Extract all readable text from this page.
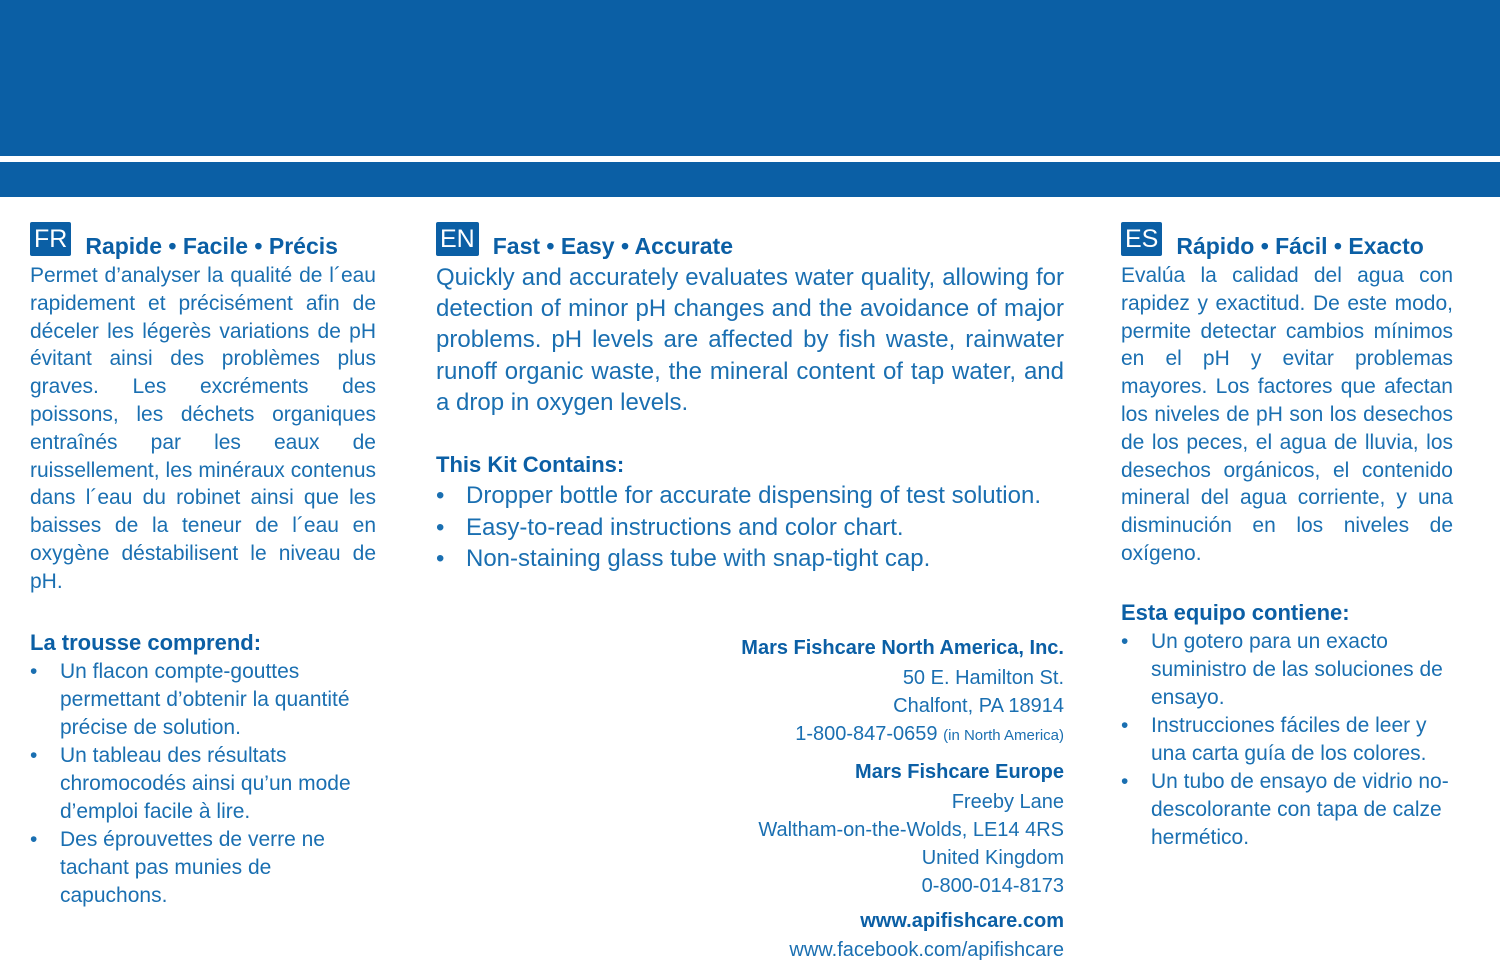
FR Rapide • Facile • Précis

Permet d’analyser la qualité de l´eau rapidement et précisément afin de déceler les légerès variations de pH évitant ainsi des problèmes plus graves. Les excréments des poissons, les déchets organiques entraînés par les eaux de ruissellement, les minéraux contenus dans l´eau du robinet ainsi que les baisses de la teneur de l´eau en oxygène déstabilisent le niveau de pH.

La trousse comprend:

• Un flacon compte-gouttes permettant d’obtenir la quantité précise de solution.
• Un tableau des résultats chromocodés ainsi qu’un mode d’emploi facile à lire.
• Des éprouvettes de verre ne tachant pas munies de capuchons.
EN Fast • Easy • Accurate

Quickly and accurately evaluates water quality, allowing for detection of minor pH changes and the avoidance of major problems. pH levels are affected by fish waste, rainwater runoff organic waste, the mineral content of tap water, and a drop in oxygen levels.

This Kit Contains:

• Dropper bottle for accurate dispensing of test solution.
• Easy-to-read instructions and color chart.
• Non-staining glass tube with snap-tight cap.
Mars Fishcare North America, Inc.
50 E. Hamilton St.
Chalfont, PA 18914
1-800-847-0659 (in North America)
Mars Fishcare Europe
Freeby Lane
Waltham-on-the-Wolds, LE14 4RS
United Kingdom
0-800-014-8173
www.apifishcare.com
www.facebook.com/apifishcare
ES Rápido • Fácil • Exacto

Evalúa la calidad del agua con rapidez y exactitud. De este modo, permite detectar cambios mínimos en el pH y evitar problemas mayores. Los factores que afectan los niveles de pH son los desechos de los peces, el agua de lluvia, los desechos orgánicos, el contenido mineral del agua corriente, y una disminución en los niveles de oxígeno.

Esta equipo contiene:

• Un gotero para un exacto suministro de las soluciones de ensayo.
• Instrucciones fáciles de leer y una carta guía de los colores.
• Un tubo de ensayo de vidrio no-descolorante con tapa de calze hermético.
